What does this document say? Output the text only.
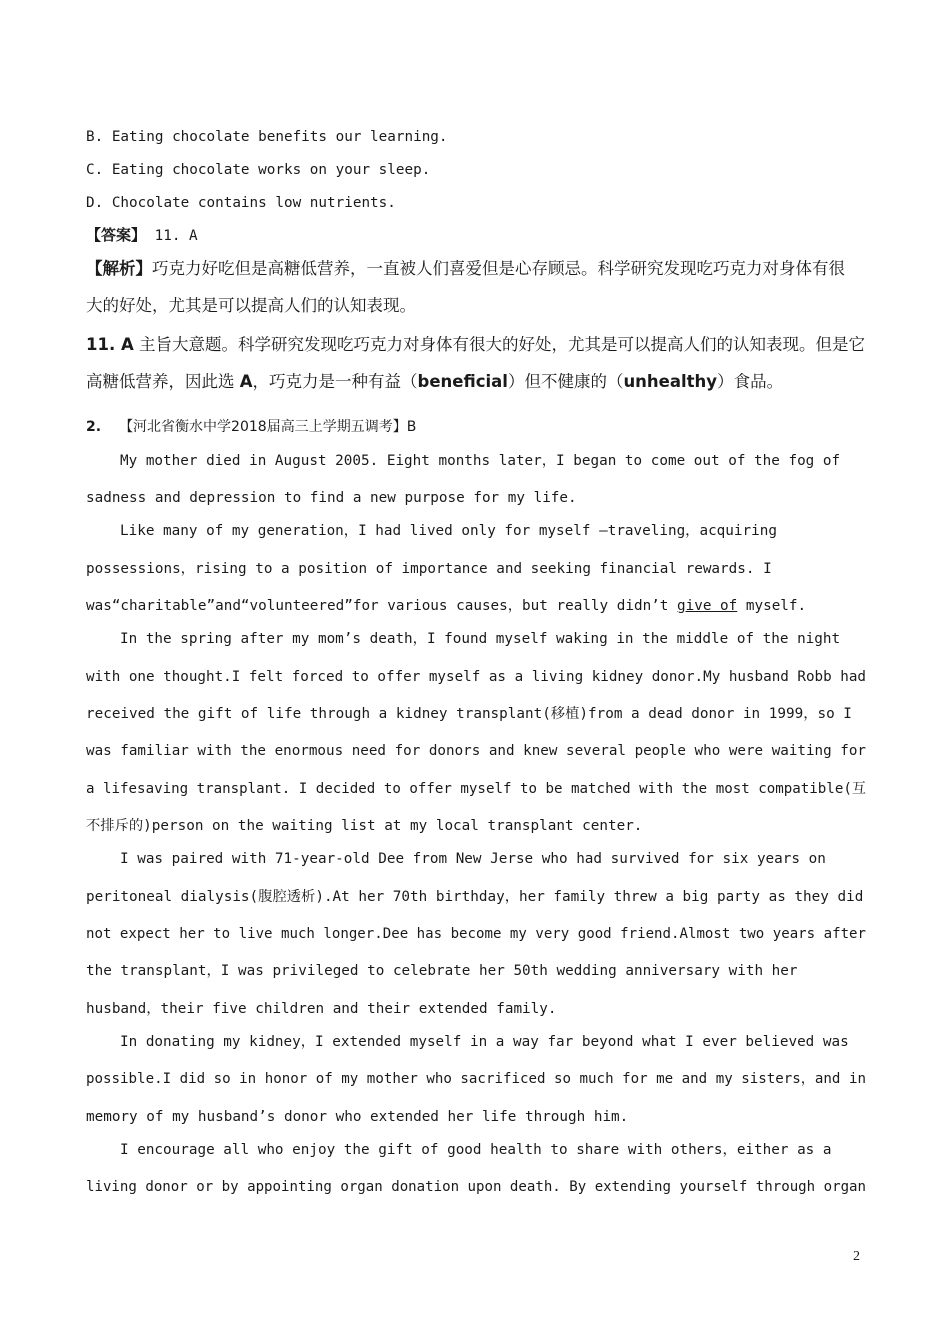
B. Eating chocolate benefits our learning.
C. Eating chocolate works on your sleep.
D. Chocolate contains low nutrients.
【答案】 11. A
【解析】巧克力好吃但是高糖低营养，一直被人们喜爱但是心存顾忌。科学研究发现吃巧克力对身体有很
大的好处，尤其是可以提高人们的认知表现。
11. A 主旨大意题。科学研究发现吃巧克力对身体有很大的好处，尤其是可以提高人们的认知表现。但是它
高糖低营养，因此选 A，巧克力是一种有益（beneficial）但不健康的（unhealthy）食品。
2. 【河北省衡水中学2018届高三上学期五调考】B
My mother died in August 2005. Eight months later，I began to come out of the fog of
sadness and depression to find a new purpose for my life.
Like many of my generation，I had lived only for myself —traveling，acquiring
possessions，rising to a position of importance and seeking financial rewards. I
was“charitable”and“volunteered”for various causes，but really didn’t give of myself.
In the spring after my mom’s death，I found myself waking in the middle of the night
with one thought.I felt forced to offer myself as a living kidney donor.My husband Robb had
received the gift of life through a kidney transplant(移植)from a dead donor in 1999，so I
was familiar with the enormous need for donors and knew several people who were waiting for
a lifesaving transplant. I decided to offer myself to be matched with the most compatible(互
不排斥的)person on the waiting list at my local transplant center.
I was paired with 71-year-old Dee from New Jerse who had survived for six years on
peritoneal dialysis(腹腔透析).At her 70th birthday，her family threw a big party as they did
not expect her to live much longer.Dee has become my very good friend.Almost two years after
the transplant，I was privileged to celebrate her 50th wedding anniversary with her
husband，their five children and their extended family.
In donating my kidney，I extended myself in a way far beyond what I ever believed was
possible.I did so in honor of my mother who sacrificed so much for me and my sisters，and in
memory of my husband’s donor who extended her life through him.
I encourage all who enjoy the gift of good health to share with others，either as a
living donor or by appointing organ donation upon death. By extending yourself through organ
2
